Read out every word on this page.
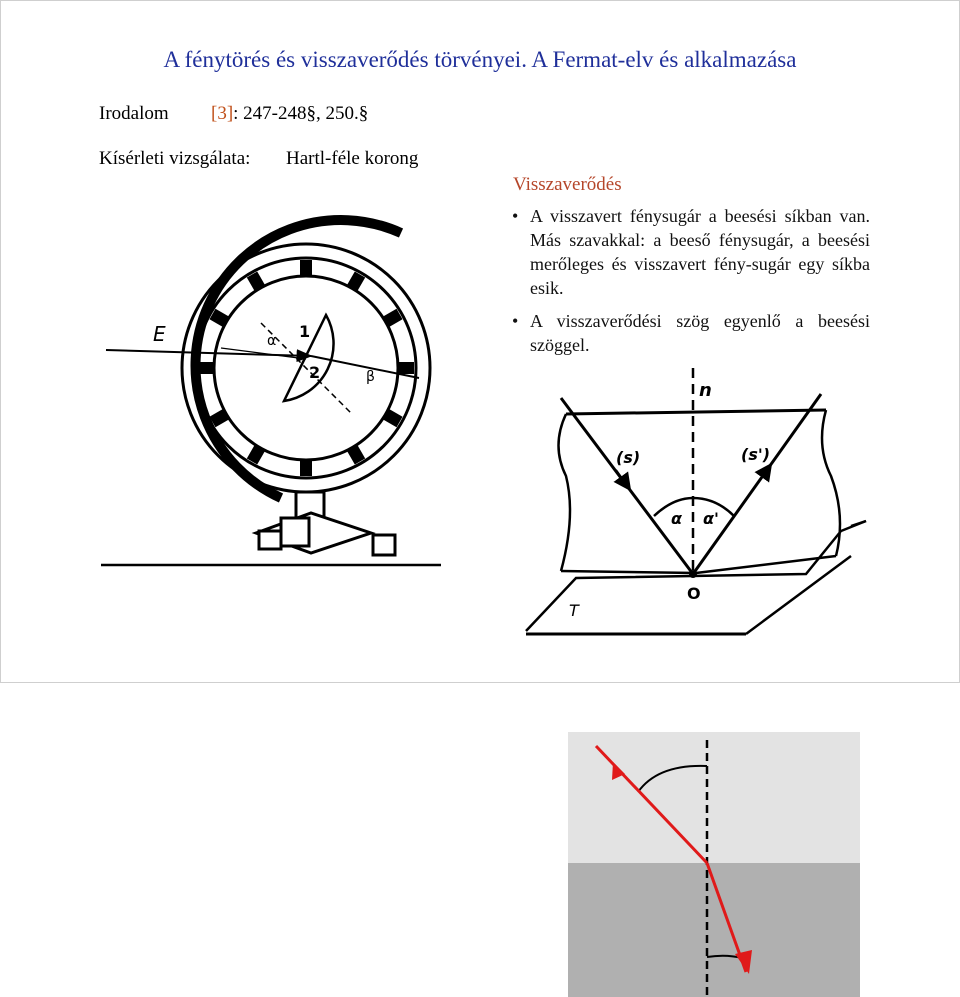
A fénytörés és visszaverődés törvényei. A Fermat-elv és alkalmazása
Irodalom [3]: 247-248§, 250.§
Kísérleti vizsgálata: Hartl-féle korong
E	1
2
α
β
Visszaverődés
• A visszavert fénysugár a beesési síkban van. Más szavakkal: a beeső fénysugár, a beesési merőleges és visszavert fény-sugár egy síkba esik.
• A visszaverődési szög egyenlő a beesési szöggel.
n
(s)	(s')
α α'
O
T
